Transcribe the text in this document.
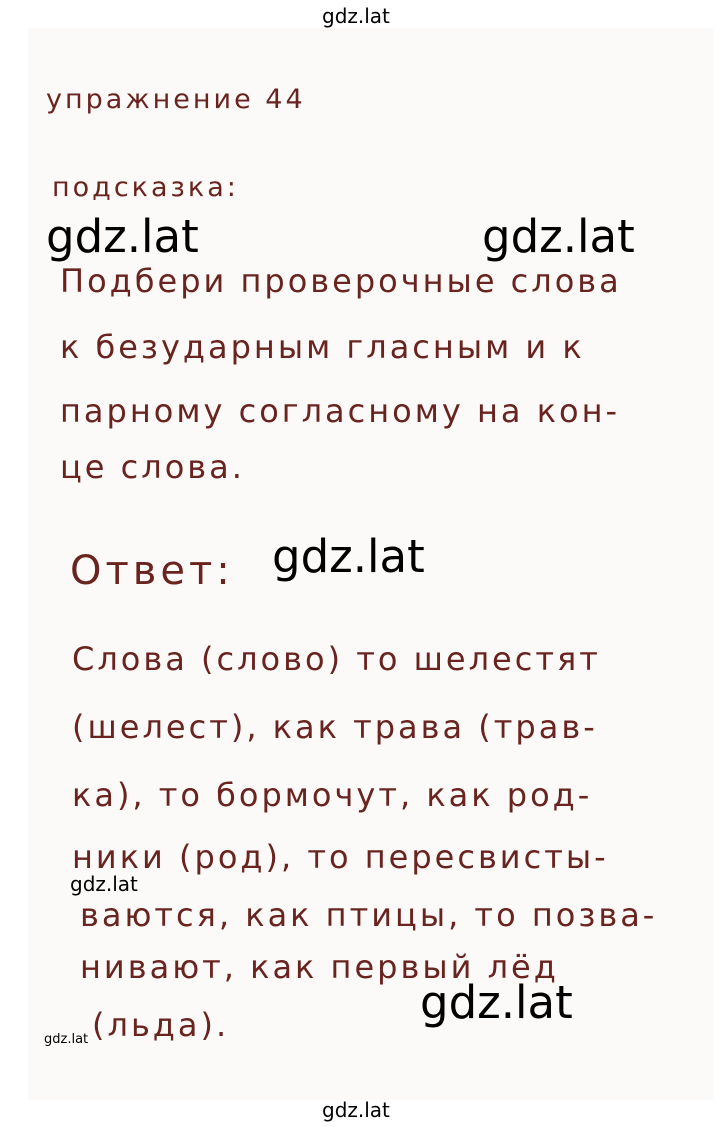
gdz.lat
упражнение 44
подсказка:
gdz.lat	gdz.lat
Подбери проверочные слова
к безударным гласным и к
парному согласному на кон-
це слова.
Ответ: gdz.lat
Слова (слово) то шелестят
(шелест), как трава (трав-
ка), то бормочут, как род-
ники (род), то пересвисты-
gdz.lat
ваются, как птицы, то позва-
нивают, как первый лёд
gdz.lat
gdz.lat (льда).
gdz.lat
